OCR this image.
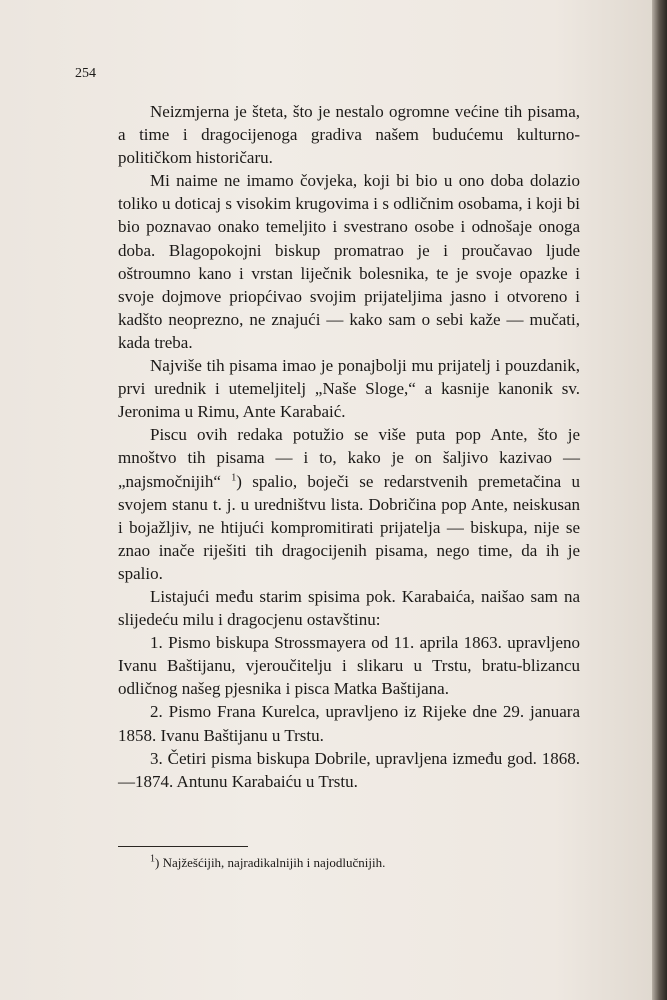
254

Neizmjerna je šteta, što je nestalo ogromne većine tih pisama, a time i dragocijenoga gradiva našem budućemu kulturno-političkom historičaru.

Mi naime ne imamo čovjeka, koji bi bio u ono doba dolazio toliko u doticaj s visokim krugovima i s odličnim osobama, i koji bi bio poznavao onako temeljito i svestrano osobe i odnošaje onoga doba. Blagopokojni biskup promatrao je i proučavao ljude oštroumno kano i vrstan liječnik bolesnika, te je svoje opazke i svoje dojmove priopćivao svojim prijateljima jasno i otvoreno i kadšto neoprezno, ne znajući — kako sam o sebi kaže — mučati, kada treba.

Najviše tih pisama imao je ponajbolji mu prijatelj i pouzdanik, prvi urednik i utemeljitelj „Naše Sloge,“ a kasnije kanonik sv. Jeronima u Rimu, Ante Karabaić.

Piscu ovih redaka potužio se više puta pop Ante, što je mnoštvo tih pisama — i to, kako je on šaljivo kazivao — „najsmočnijih“ $^1$) spalio, boječi se redarstvenih premetačina u svojem stanu t. j. u uredništvu lista. Dobričina pop Ante, neiskusan i bojažljiv, ne htijući kompromitirati prijatelja — biskupa, nije se znao inače riješiti tih dragocijenih pisama, nego time, da ih je spalio.

Listajući među starim spisima pok. Karabaića, naišao sam na slijedeću milu i dragocjenu ostavštinu:

1. Pismo biskupa Strossmayera od 11. aprila 1863. upravljeno Ivanu Baštijanu, vjeroučitelju i slikaru u Trstu, bratu-blizancu odličnog našeg pjesnika i pisca Matka Baštijana.

2. Pismo Frana Kurelca, upravljeno iz Rijeke dne 29. januara 1858. Ivanu Baštijanu u Trstu.

3. Četiri pisma biskupa Dobrile, upravljena između god. 1868.—1874. Antunu Karabaiću u Trstu.

$^1$) Najžešćijih, najradikalnijih i najodlučnijih.
